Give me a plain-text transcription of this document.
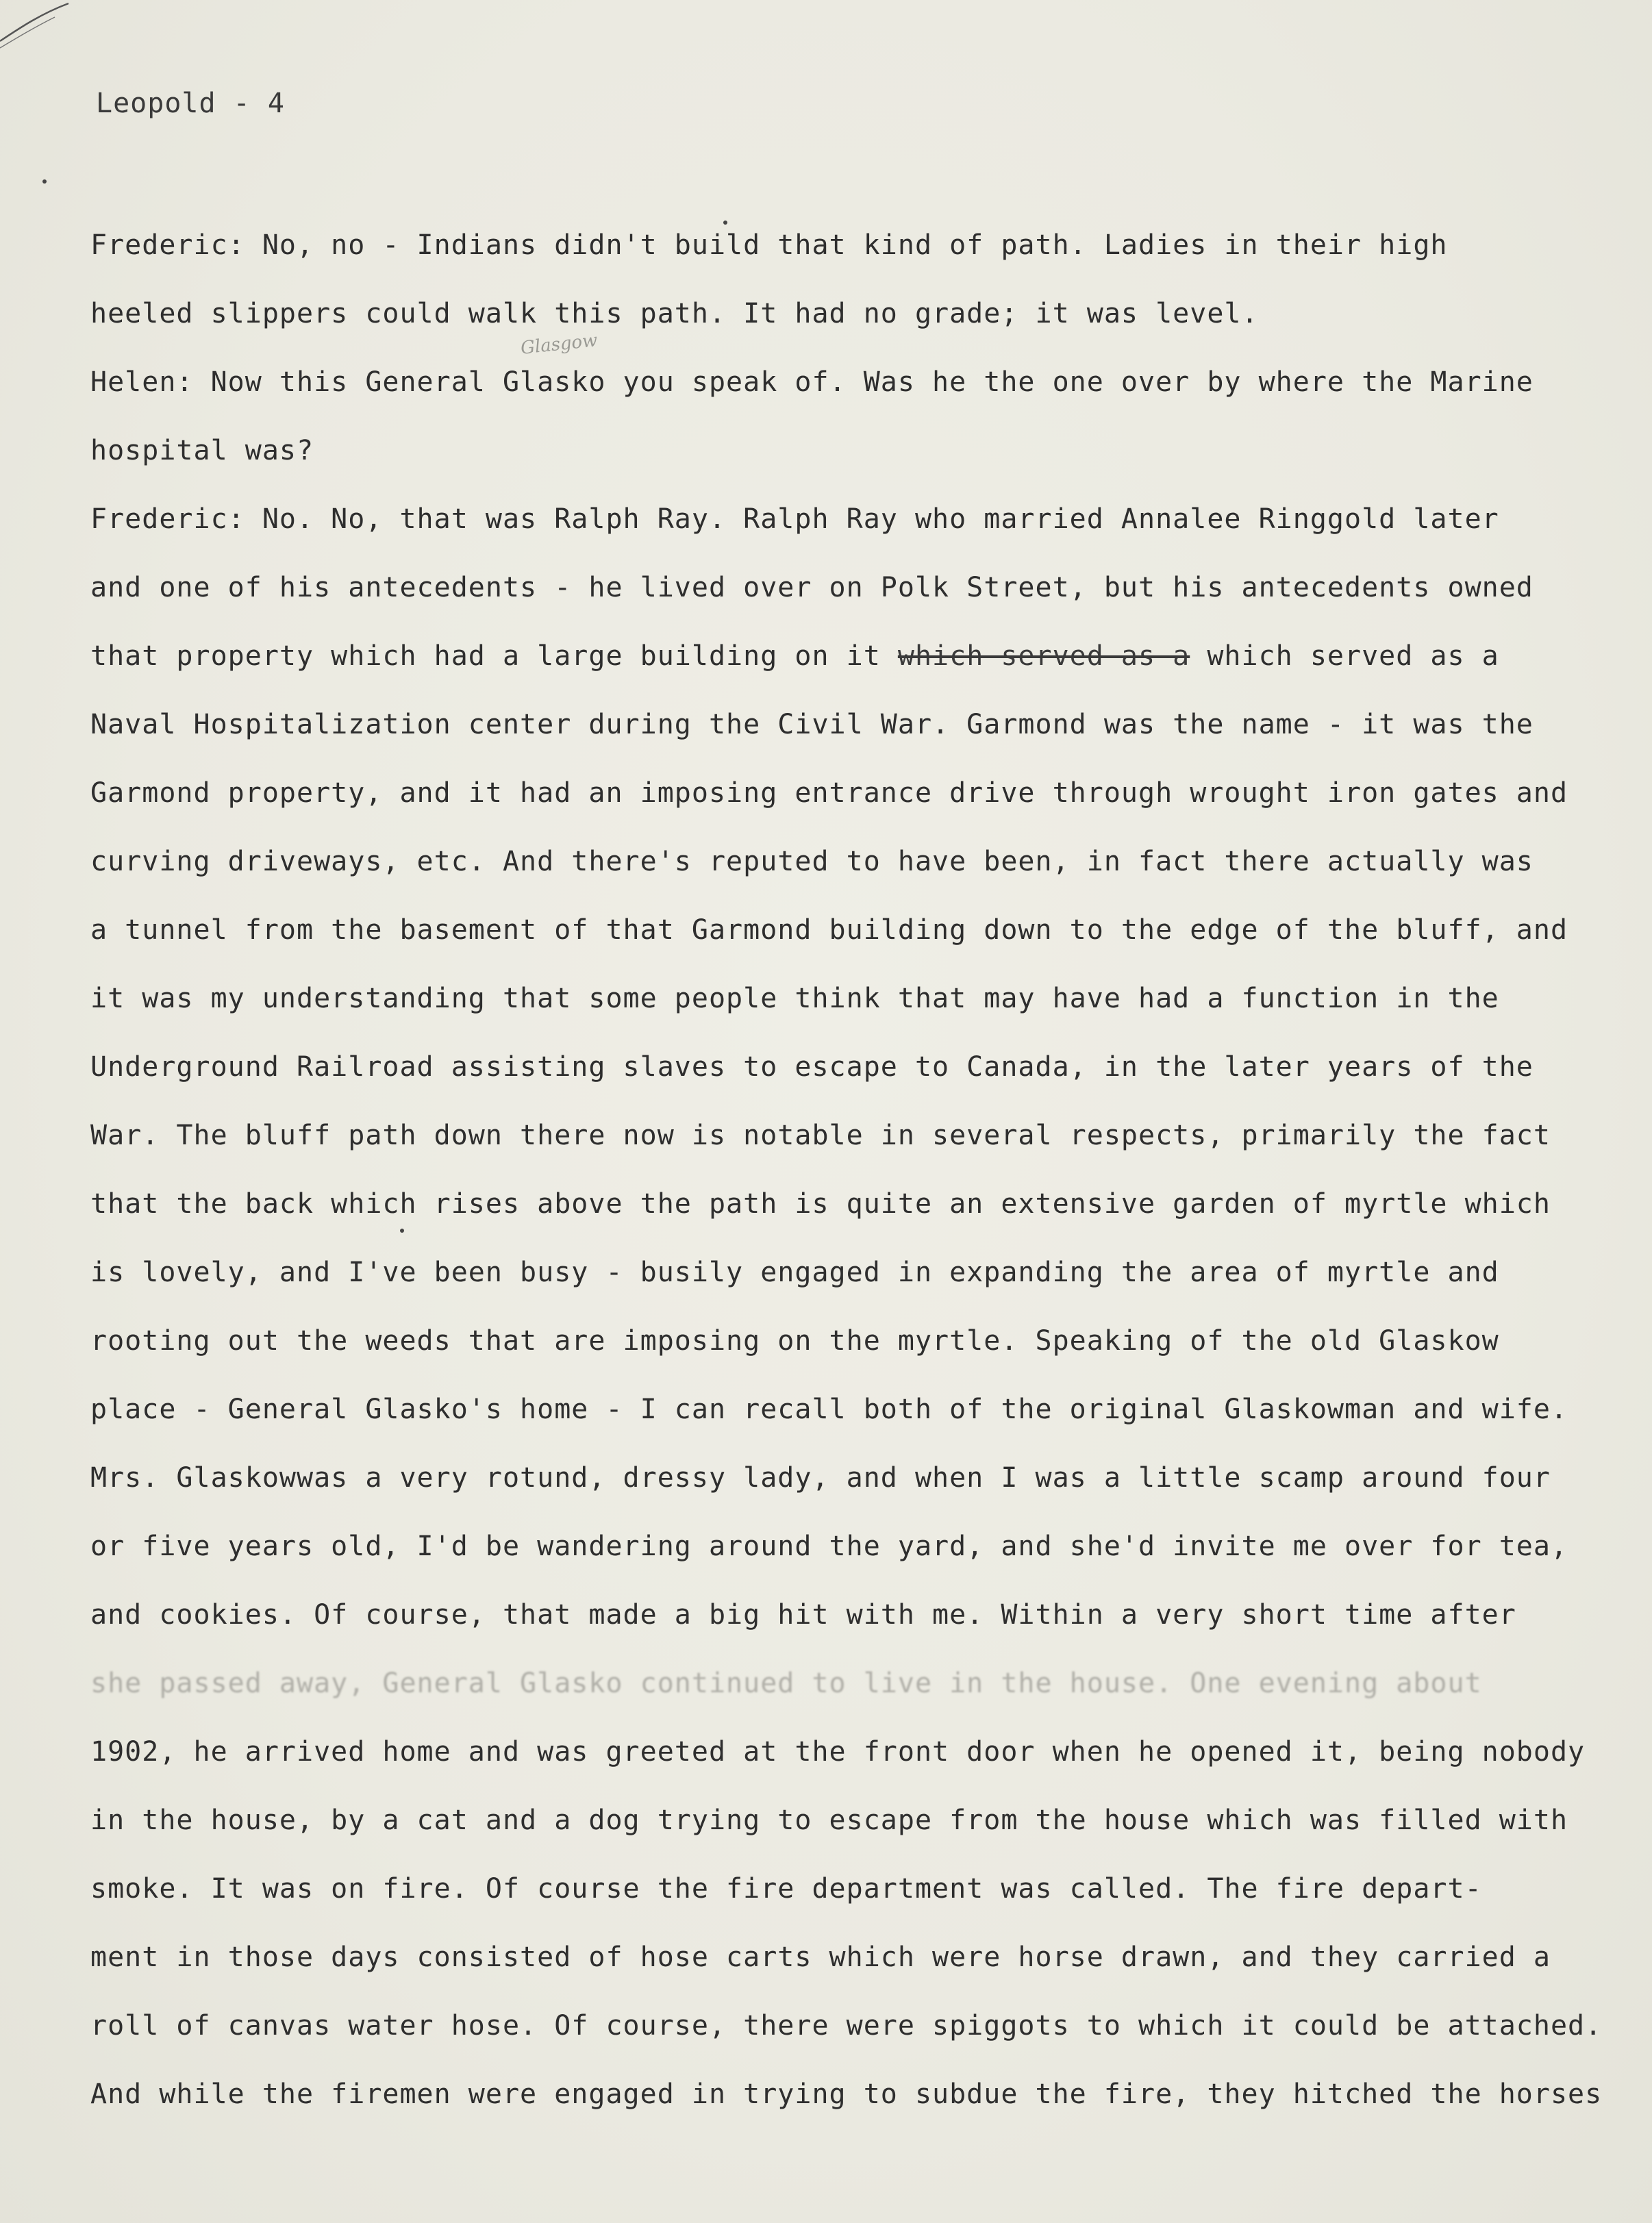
Leopold - 4
Glasgow
Frederic: No, no - Indians didn't build that kind of path. Ladies in their high
heeled slippers could walk this path. It had no grade; it was level.
Helen: Now this General Glasko you speak of. Was he the one over by where the Marine
hospital was?
Frederic: No. No, that was Ralph Ray. Ralph Ray who married Annalee Ringgold later
and one of his antecedents - he lived over on Polk Street, but his antecedents owned
that property which had a large building on it which served as a which served as a
Naval Hospitalization center during the Civil War. Garmond was the name - it was the
Garmond property, and it had an imposing entrance drive through wrought iron gates and
curving driveways, etc. And there's reputed to have been, in fact there actually was
a tunnel from the basement of that Garmond building down to the edge of the bluff, and
it was my understanding that some people think that may have had a function in the
Underground Railroad assisting slaves to escape to Canada, in the later years of the
War. The bluff path down there now is notable in several respects, primarily the fact
that the back which rises above the path is quite an extensive garden of myrtle which
is lovely, and I've been busy - busily engaged in expanding the area of myrtle and
rooting out the weeds that are imposing on the myrtle. Speaking of the old Glaskow
place - General Glasko's home - I can recall both of the original Glaskowman and wife.
Mrs. Glaskowwas a very rotund, dressy lady, and when I was a little scamp around four
or five years old, I'd be wandering around the yard, and she'd invite me over for tea,
and cookies. Of course, that made a big hit with me. Within a very short time after
she passed away, General Glasko continued to live in the house. One evening about
1902, he arrived home and was greeted at the front door when he opened it, being nobody
in the house, by a cat and a dog trying to escape from the house which was filled with
smoke. It was on fire. Of course the fire department was called. The fire depart-
ment in those days consisted of hose carts which were horse drawn, and they carried a
roll of canvas water hose. Of course, there were spiggots to which it could be attached.
And while the firemen were engaged in trying to subdue the fire, they hitched the horses
